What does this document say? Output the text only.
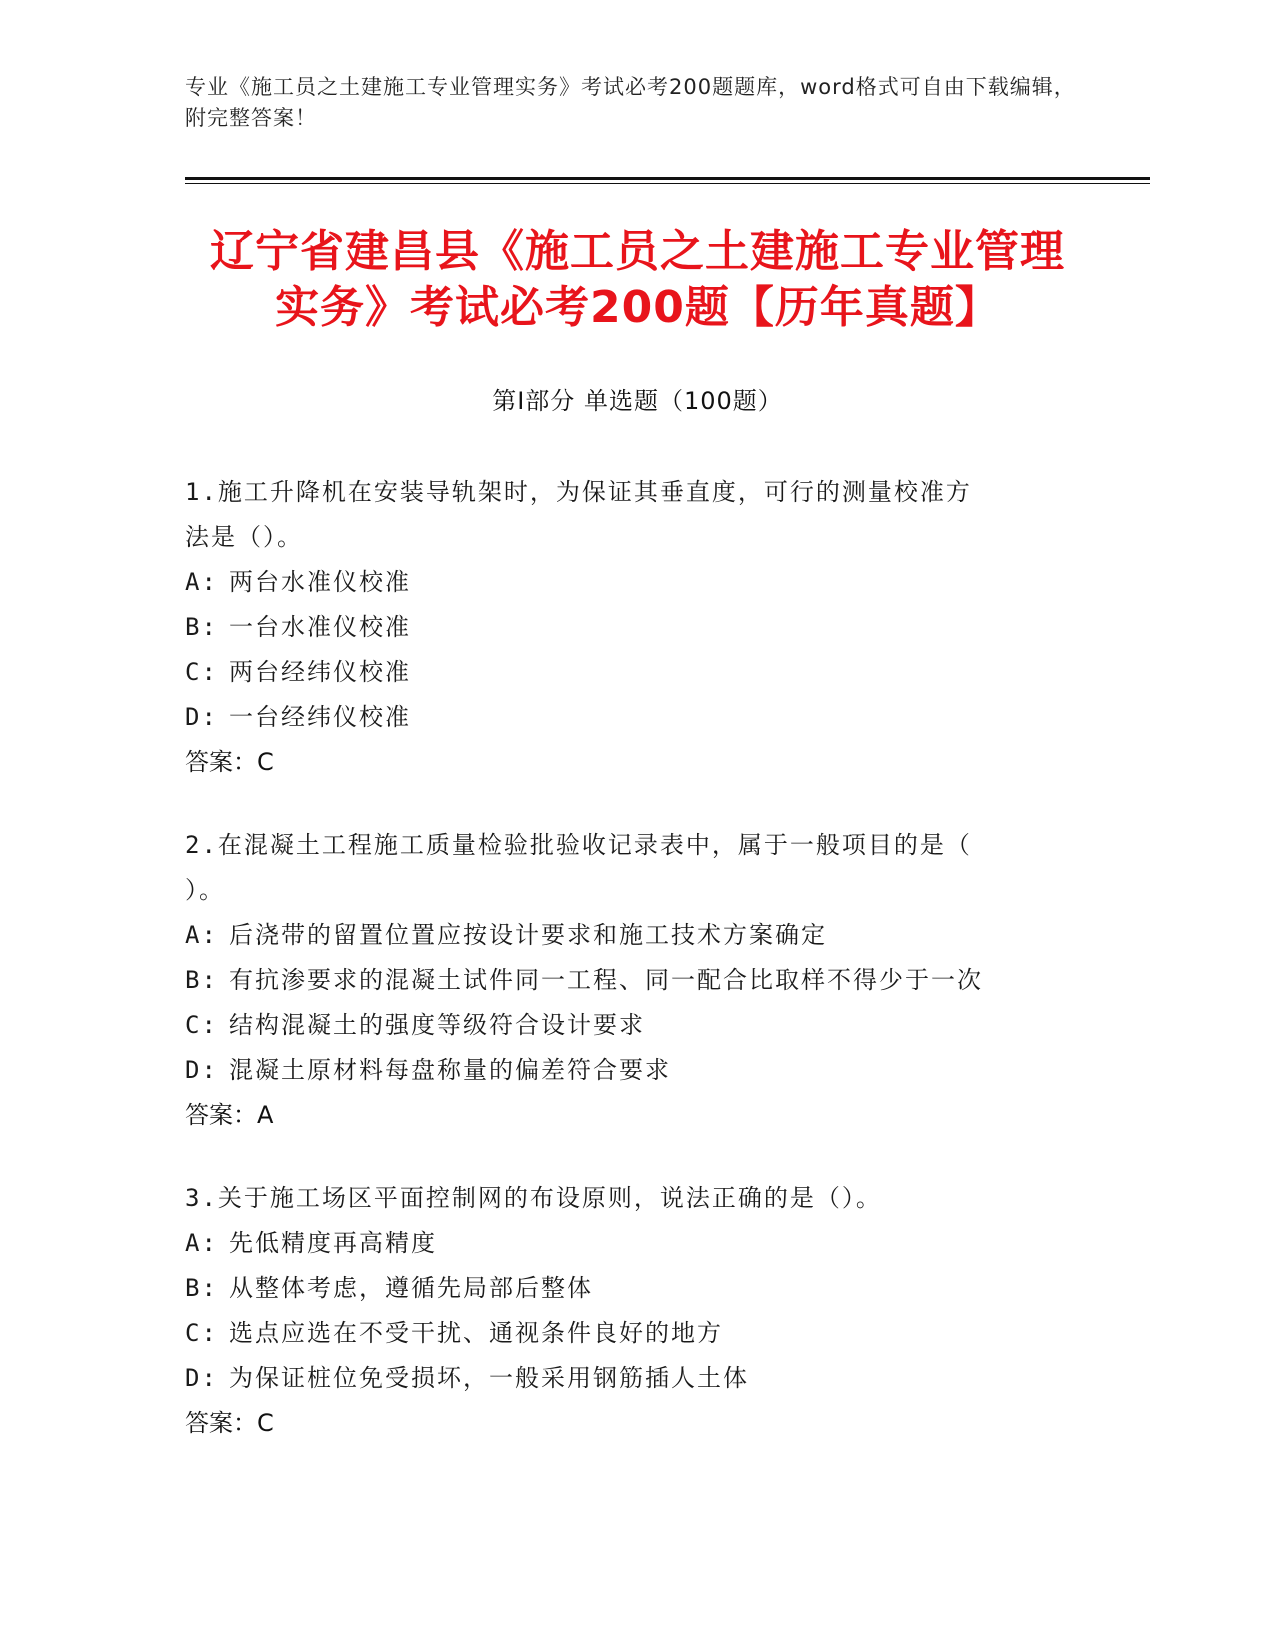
专业《施工员之土建施工专业管理实务》考试必考200题题库，word格式可自由下载编辑，附完整答案！
辽宁省建昌县《施工员之土建施工专业管理
实务》考试必考200题【历年真题】
第Ⅰ部分 单选题（100题）
1.施工升降机在安装导轨架时，为保证其垂直度，可行的测量校准方
法是（）。
A: 两台水准仪校准
B: 一台水准仪校准
C: 两台经纬仪校准
D: 一台经纬仪校准
答案：C
2.在混凝土工程施工质量检验批验收记录表中，属于一般项目的是（
）。
A: 后浇带的留置位置应按设计要求和施工技术方案确定
B: 有抗渗要求的混凝土试件同一工程、同一配合比取样不得少于一次
C: 结构混凝土的强度等级符合设计要求
D: 混凝土原材料每盘称量的偏差符合要求
答案：A
3.关于施工场区平面控制网的布设原则，说法正确的是（）。
A: 先低精度再高精度
B: 从整体考虑，遵循先局部后整体
C: 选点应选在不受干扰、通视条件良好的地方
D: 为保证桩位免受损坏，一般采用钢筋插人土体
答案：C
